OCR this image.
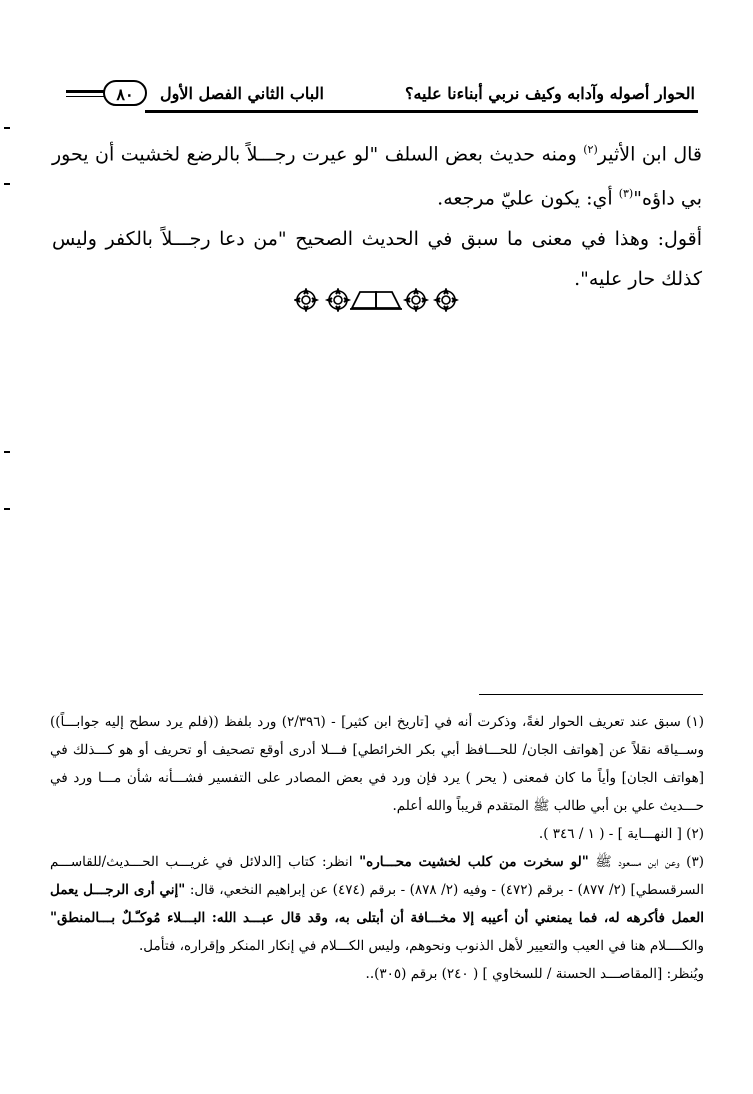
٨٠	الباب الثاني الفصل الأول	الحوار أصوله وآدابه وكيف نربي أبناءنا عليه؟

قال ابن الأثير$^{(٢)}$ ومنه حديث بعض السلف "لو عيرت رجـــلاً بالرضع لخشيت أن يحور بي داؤه"$^{(٣)}$ أي: يكون عليّ مرجعه.

أقول: وهذا في معنى ما سبق في الحديث الصحيح "من دعا رجـــلاً بالكفر وليس كذلك حار عليه".

(١) سبق عند تعريف الحوار لغةً، وذكرت أنه في [تاريخ ابن كثير] - (٢/٣٩٦) ورد بلفظ ((فلم يرد سطح إليه جوابـــاً)) وســياقه نقلاً عن [هواتف الجان/ للحـــافظ أبي بكر الخرائطي] فـــلا أدرى أوقع تصحيف أو تحريف أو هو كـــذلك في [هواتف الجان] وأياً ما كان فمعنى ( يحر ) يرد فإن ورد في بعض المصادر على التفسير فشـــأنه شأن مـــا ورد في حـــديث علي بن أبي طالب ﷺ المتقدم قريباً والله أعلم.

(٢) [ النهـــاية ] - ( ١ / ٣٤٦ ).

(٣) وعن ابن مسعود ﷺ "لو سخرت من كلب لخشيت محـــاره" انظر: كتاب [الدلائل في غريـــب الحـــديث/للقاســـم السرقسطي] (٢/ ٨٧٧) - برقم (٤٧٢) - وفيه (٢/ ٨٧٨) - برقم (٤٧٤) عن إبراهيم النخعي، قال: "إني أرى الرجـــل يعمل العمل فأكرهه له، فما يمنعني أن أعيبه إلا مخـــافة أن أبتلى به، وقد قال عبـــد الله: البـــلاء مُوكـّـلٌ بـــالمنطق" والكــــلام هنا في العيب والتعيير لأهل الذنوب ونحوهم، وليس الكـــلام في إنكار المنكر وإقراره، فتأمل.

ويُنظر: [المقاصـــد الحسنة / للسخاوي ] ( ٢٤٠) برقم (٣٠٥)..
